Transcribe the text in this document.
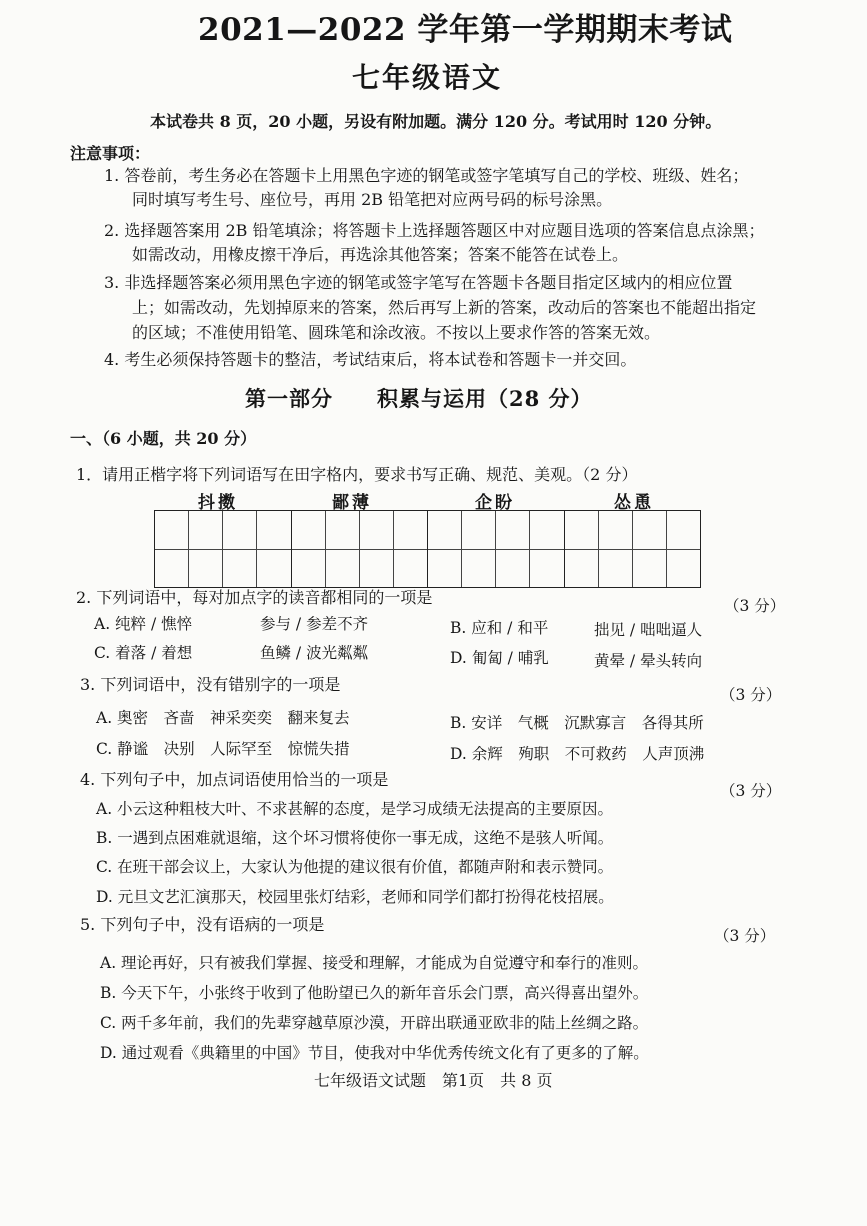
2021—2022 学年第一学期期末考试
七年级语文
本试卷共 8 页，20 小题，另设有附加题。满分 120 分。考试用时 120 分钟。
注意事项：
1. 答卷前，考生务必在答题卡上用黑色字迹的钢笔或签字笔填写自己的学校、班级、姓名；
同时填写考生号、座位号，再用 2B 铅笔把对应两号码的标号涂黑。
2. 选择题答案用 2B 铅笔填涂；将答题卡上选择题答题区中对应题目选项的答案信息点涂黑；
如需改动，用橡皮擦干净后，再选涂其他答案；答案不能答在试卷上。
3. 非选择题答案必须用黑色字迹的钢笔或签字笔写在答题卡各题目指定区域内的相应位置
上；如需改动，先划掉原来的答案，然后再写上新的答案，改动后的答案也不能超出指定
的区域；不准使用铅笔、圆珠笔和涂改液。不按以上要求作答的答案无效。
4. 考生必须保持答题卡的整洁，考试结束后，将本试卷和答题卡一并交回。
第一部分　　积累与运用（28 分）
一、（6 小题，共 20 分）
1．请用正楷字将下列词语写在田字格内，要求书写正确、规范、美观。（2 分）
抖擞	鄙薄	企盼	怂恿
2. 下列词语中，每对加点字的读音都相同的一项是	（3 分）
A. 纯粹 / 憔悴	参与 / 参差不齐	B. 应和 / 和平	拙见 / 咄咄逼人
C. 着落 / 着想	鱼鳞 / 波光粼粼	D. 匍匐 / 哺乳	黄晕 / 晕头转向
3. 下列词语中，没有错别字的一项是
（3 分）
A. 奥密　吝啬　神采奕奕　翻来复去	B. 安详　气概　沉默寡言　各得其所
C. 静谧　决别　人际罕至　惊慌失措	D. 余辉　殉职　不可救药　人声顶沸
4. 下列句子中，加点词语使用恰当的一项是
（3 分）
A. 小云这种粗枝大叶、不求甚解的态度，是学习成绩无法提高的主要原因。
B. 一遇到点困难就退缩，这个坏习惯将使你一事无成，这绝不是骇人听闻。
C. 在班干部会议上，大家认为他提的建议很有价值，都随声附和表示赞同。
D. 元旦文艺汇演那天，校园里张灯结彩，老师和同学们都打扮得花枝招展。
5. 下列句子中，没有语病的一项是
（3 分）
A. 理论再好，只有被我们掌握、接受和理解，才能成为自觉遵守和奉行的准则。
B. 今天下午，小张终于收到了他盼望已久的新年音乐会门票，高兴得喜出望外。
C. 两千多年前，我们的先辈穿越草原沙漠，开辟出联通亚欧非的陆上丝绸之路。
D. 通过观看《典籍里的中国》节目，使我对中华优秀传统文化有了更多的了解。
七年级语文试题　第1页　共 8 页
